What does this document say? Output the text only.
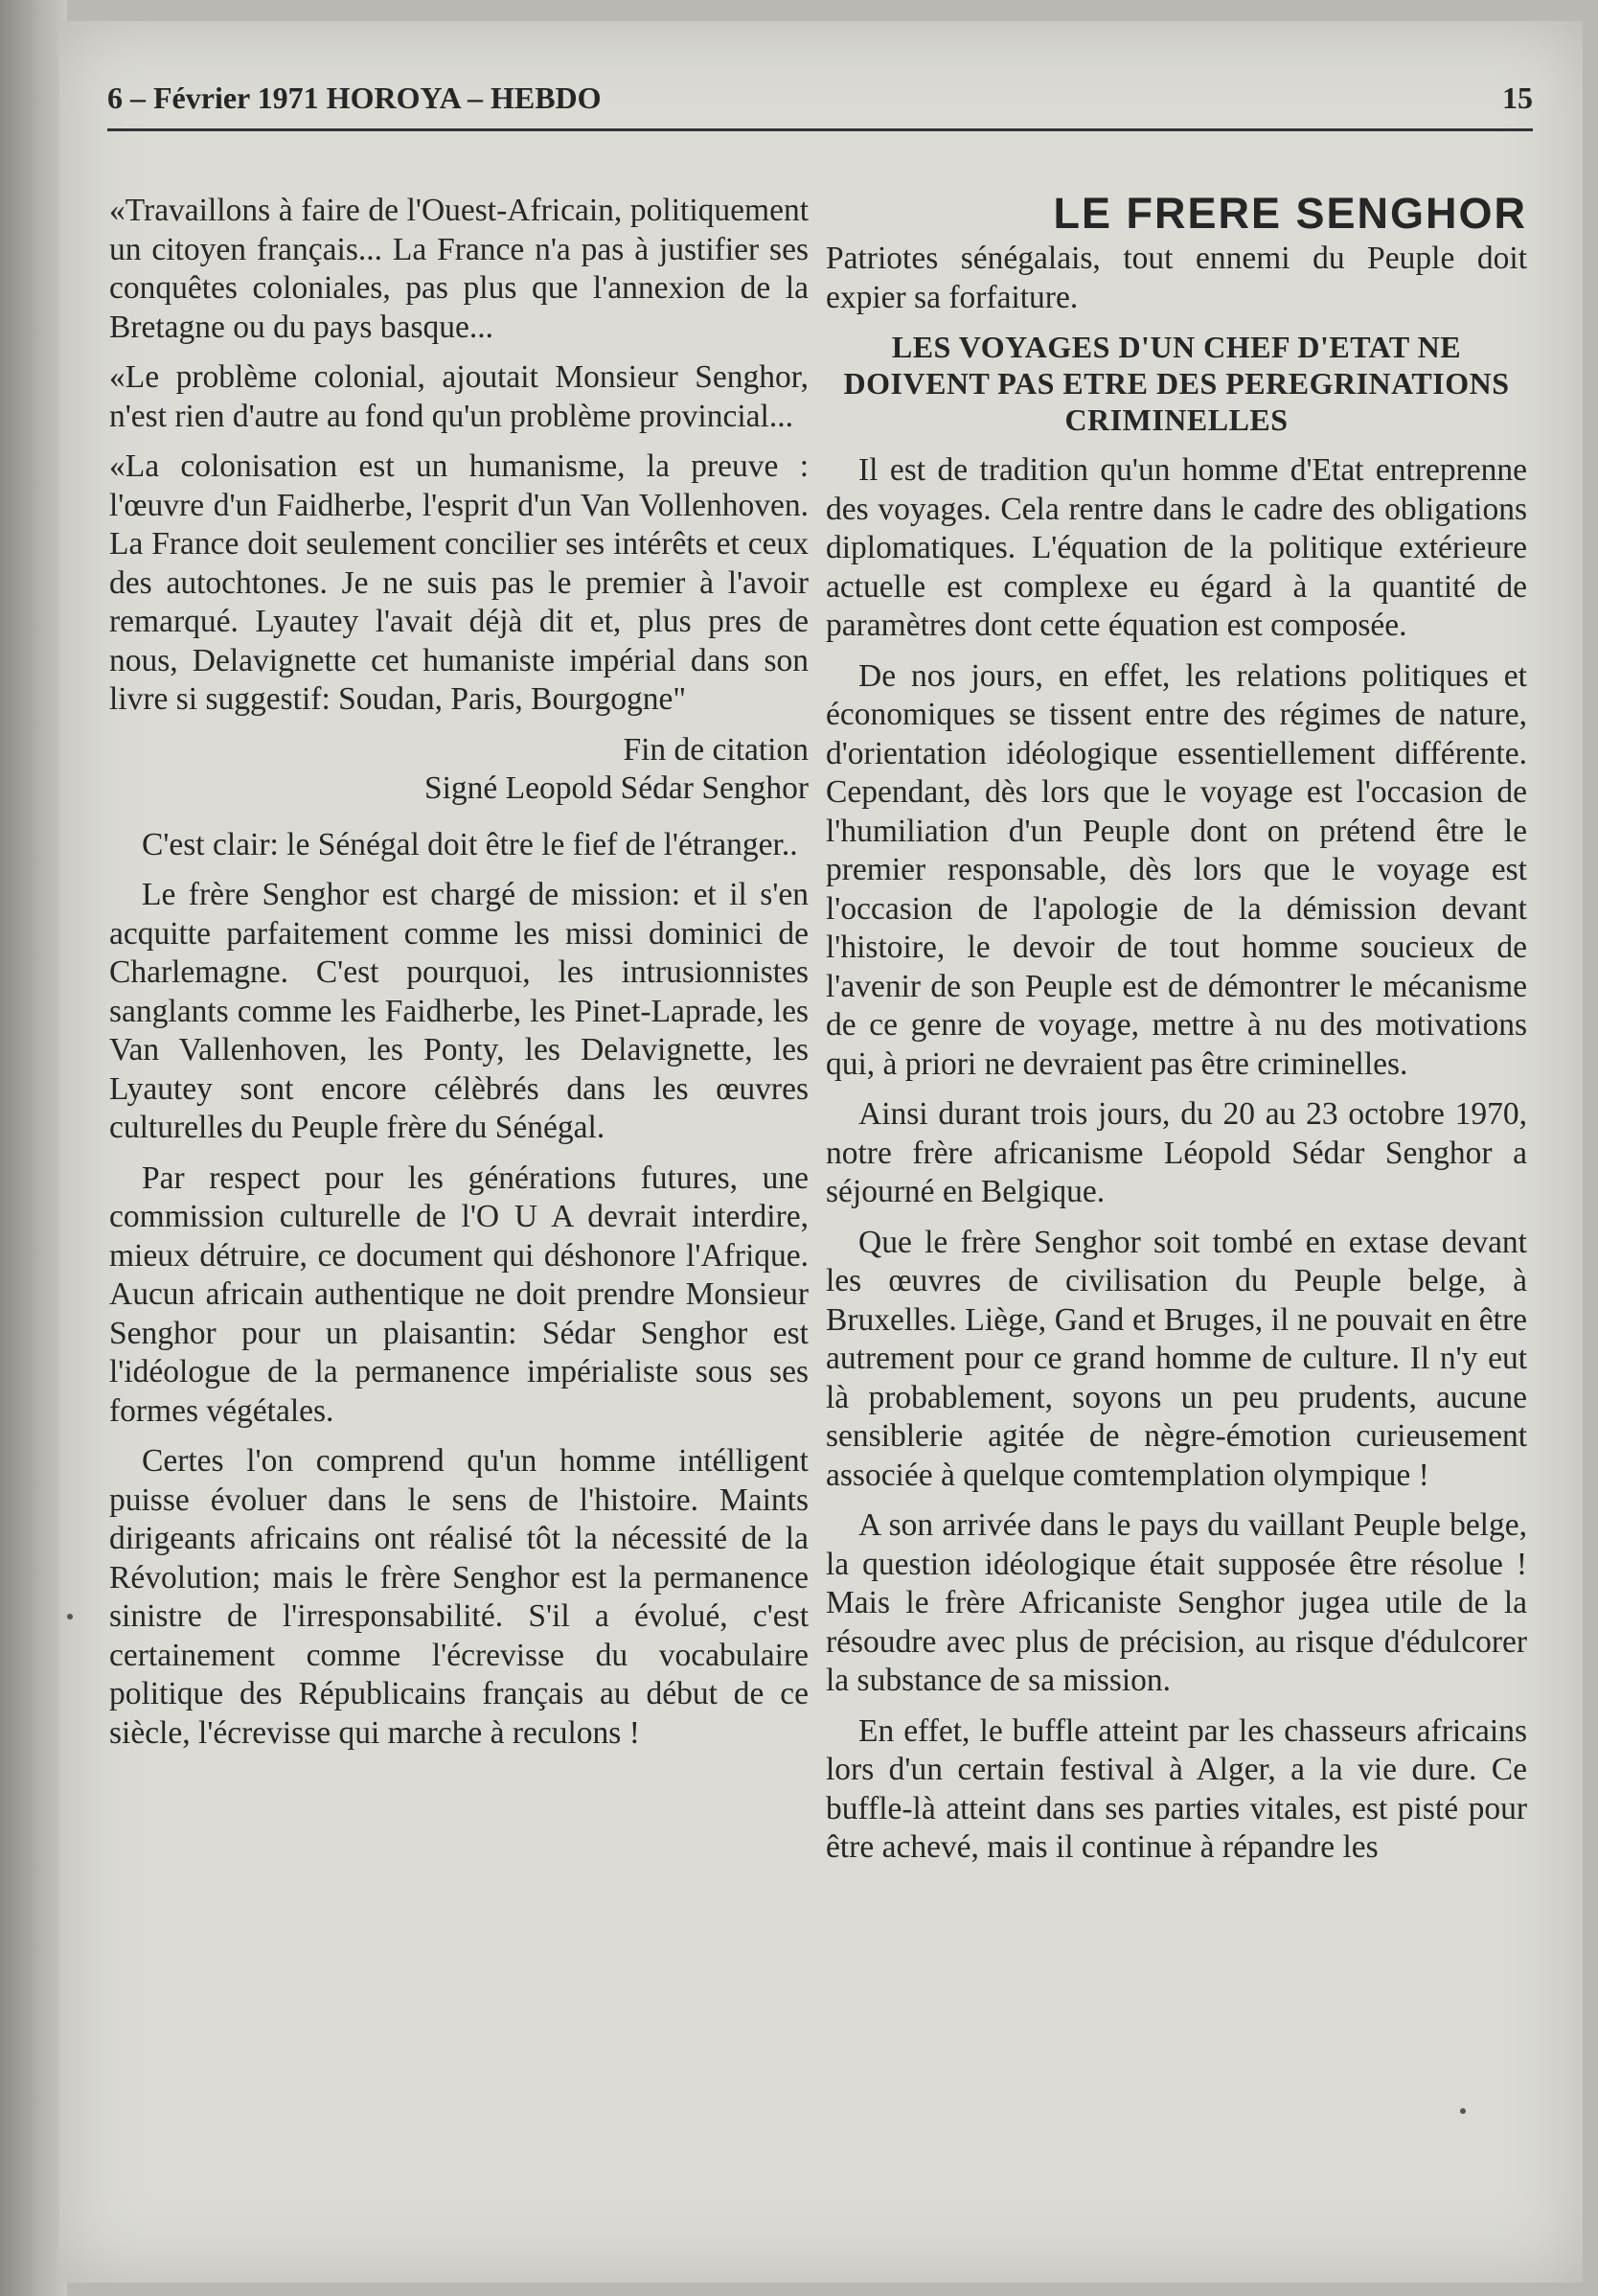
6 – Février 1971 HOROYA – HEBDO	15

«Travaillons à faire de l'Ouest-Africain, politiquement un citoyen français... La France n'a pas à justifier ses conquêtes coloniales, pas plus que l'annexion de la Bretagne ou du pays basque...

«Le problème colonial, ajoutait Monsieur Senghor, n'est rien d'autre au fond qu'un problème provincial...

«La colonisation est un humanisme, la preuve : l'œuvre d'un Faidherbe, l'esprit d'un Van Vollenhoven. La France doit seulement concilier ses intérêts et ceux des autochtones. Je ne suis pas le premier à l'avoir remarqué. Lyautey l'avait déjà dit et, plus pres de nous, Delavignette cet humaniste impérial dans son livre si suggestif: Soudan, Paris, Bourgogne"

Fin de citation

Signé Leopold Sédar Senghor

C'est clair: le Sénégal doit être le fief de l'étranger..

Le frère Senghor est chargé de mission: et il s'en acquitte parfaitement comme les missi dominici de Charlemagne. C'est pourquoi, les intrusionnistes sanglants comme les Faidherbe, les Pinet-Laprade, les Van Vallenhoven, les Ponty, les Delavignette, les Lyautey sont encore célèbrés dans les œuvres culturelles du Peuple frère du Sénégal.

Par respect pour les générations futures, une commission culturelle de l'O U A devrait interdire, mieux détruire, ce document qui déshonore l'Afrique. Aucun africain authentique ne doit prendre Monsieur Senghor pour un plaisantin: Sédar Senghor est l'idéologue de la permanence impérialiste sous ses formes végétales.

Certes l'on comprend qu'un homme intélligent puisse évoluer dans le sens de l'histoire. Maints dirigeants africains ont réalisé tôt la nécessité de la Révolution; mais le frère Senghor est la permanence sinistre de l'irresponsabilité. S'il a évolué, c'est certainement comme l'écrevisse du vocabulaire politique des Républicains français au début de ce siècle, l'écrevisse qui marche à reculons !

LE FRERE SENGHOR

Patriotes sénégalais, tout ennemi du Peuple doit expier sa forfaiture.

LES VOYAGES D'UN CHEF D'ETAT NE DOIVENT PAS ETRE DES PEREGRINATIONS CRIMINELLES

Il est de tradition qu'un homme d'Etat entreprenne des voyages. Cela rentre dans le cadre des obligations diplomatiques. L'équation de la politique extérieure actuelle est complexe eu égard à la quantité de paramètres dont cette équation est composée.

De nos jours, en effet, les relations politiques et économiques se tissent entre des régimes de nature, d'orientation idéologique essentiellement différente. Cependant, dès lors que le voyage est l'occasion de l'humiliation d'un Peuple dont on prétend être le premier responsable, dès lors que le voyage est l'occasion de l'apologie de la démission devant l'histoire, le devoir de tout homme soucieux de l'avenir de son Peuple est de démontrer le mécanisme de ce genre de voyage, mettre à nu des motivations qui, à priori ne devraient pas être criminelles.

Ainsi durant trois jours, du 20 au 23 octobre 1970, notre frère africanisme Léopold Sédar Senghor a séjourné en Belgique.

Que le frère Senghor soit tombé en extase devant les œuvres de civilisation du Peuple belge, à Bruxelles. Liège, Gand et Bruges, il ne pouvait en être autrement pour ce grand homme de culture. Il n'y eut là probablement, soyons un peu prudents, aucune sensiblerie agitée de nègre-émotion curieusement associée à quelque comtemplation olympique !

A son arrivée dans le pays du vaillant Peuple belge, la question idéologique était supposée être résolue ! Mais le frère Africaniste Senghor jugea utile de la résoudre avec plus de précision, au risque d'édulcorer la substance de sa mission.

En effet, le buffle atteint par les chasseurs africains lors d'un certain festival à Alger, a la vie dure. Ce buffle-là atteint dans ses parties vitales, est pisté pour être achevé, mais il continue à répandre les
